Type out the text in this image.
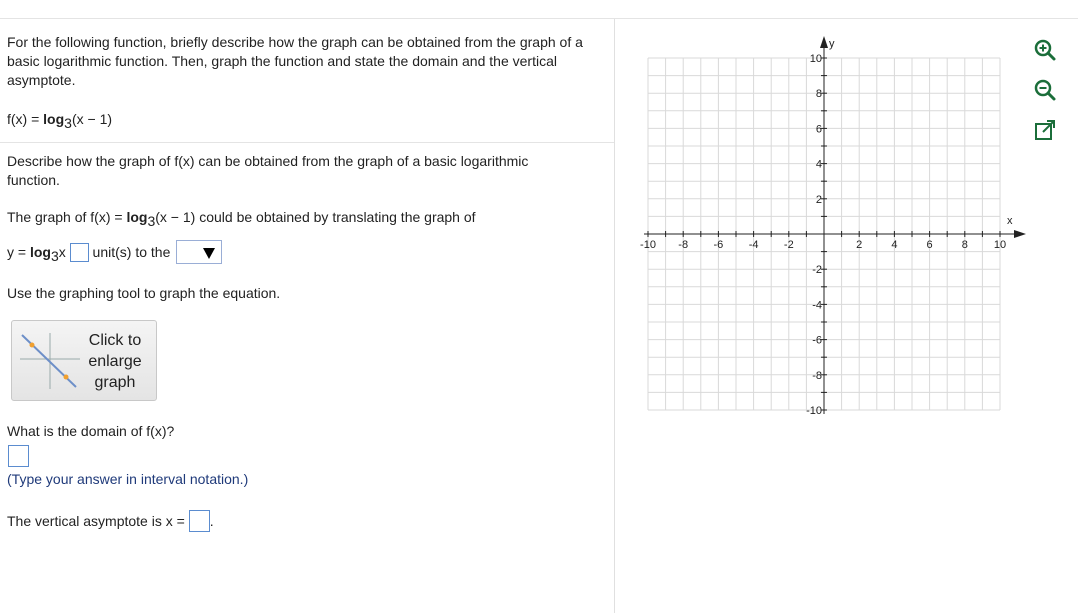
For the following function, briefly describe how the graph can be obtained from the graph of a basic logarithmic function. Then, graph the function and state the domain and the vertical asymptote.
$f(x) = \log_3(x - 1)$
Describe how the graph of f(x) can be obtained from the graph of a basic logarithmic function.
The graph of $f(x) = \log_3(x - 1)$ could be obtained by translating the graph of
$y = \log_3x$ unit(s) to the
Use the graphing tool to graph the equation.
Click to enlarge graph
What is the domain of f(x)?
(Type your answer in interval notation.)
The vertical asymptote is x = .
-10 -8 -6 -4 -2	2	4	6	8 10
10
8
6
4
2
-2
-4
-6
-8
-10
y
x
